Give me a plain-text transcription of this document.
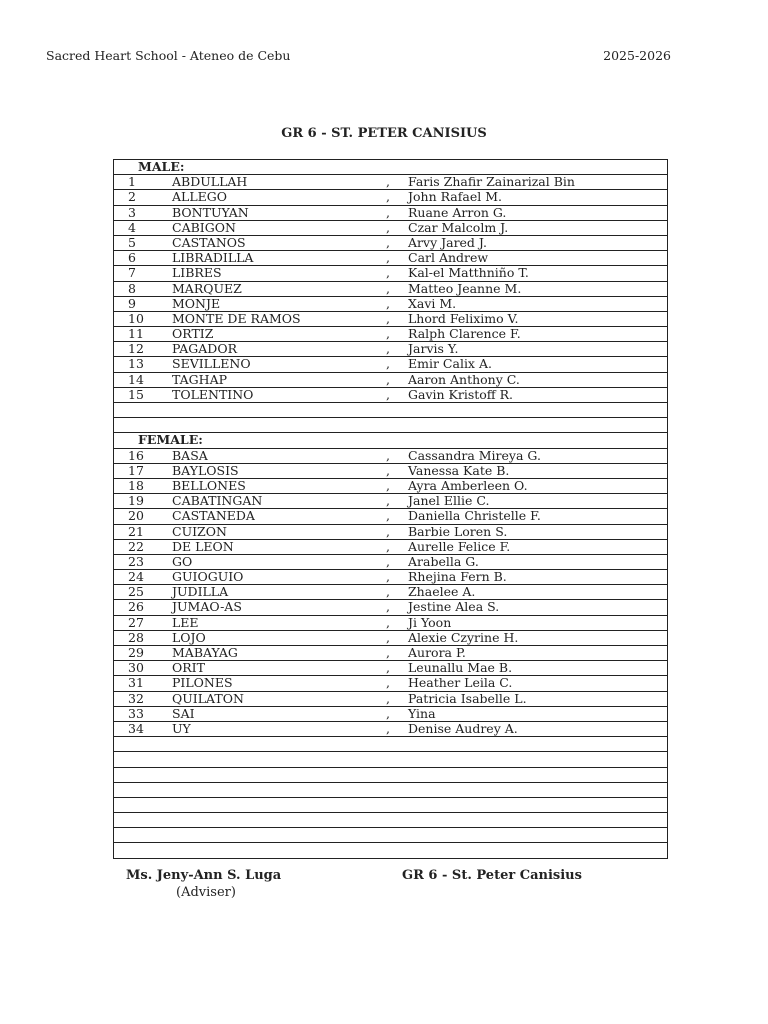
Sacred Heart School - Ateneo de Cebu	2025-2026
GR 6 - ST. PETER CANISIUS
MALE:
1	ABDULLAH	, Faris Zhafir Zainarizal Bin
2	ALLEGO	, John Rafael M.
3	BONTUYAN	, Ruane Arron G.
4	CABIGON	, Czar Malcolm J.
5	CASTANOS	, Arvy Jared J.
6	LIBRADILLA	, Carl Andrew
7	LIBRES	, Kal-el Matthniño T.
8	MARQUEZ	, Matteo Jeanne M.
9	MONJE	, Xavi M.
10 MONTE DE RAMOS	, Lhord Feliximo V.
11 ORTIZ	, Ralph Clarence F.
12 PAGADOR	, Jarvis Y.
13 SEVILLENO	, Emir Calix A.
14 TAGHAP	, Aaron Anthony C.
15 TOLENTINO	, Gavin Kristoff R.
FEMALE:
16 BASA	, Cassandra Mireya G.
17 BAYLOSIS	, Vanessa Kate B.
18 BELLONES	, Ayra Amberleen O.
19 CABATINGAN	, Janel Ellie C.
20 CASTANEDA	, Daniella Christelle F.
21 CUIZON	, Barbie Loren S.
22 DE LEON	, Aurelle Felice F.
23 GO	, Arabella G.
24 GUIOGUIO	, Rhejina Fern B.
25 JUDILLA	, Zhaelee A.
26 JUMAO-AS	, Jestine Alea S.
27 LEE	, Ji Yoon
28 LOJO	, Alexie Czyrine H.
29 MABAYAG	, Aurora P.
30 ORIT	, Leunallu Mae B.
31 PILONES	, Heather Leila C.
32 QUILATON	, Patricia Isabelle L.
33 SAI	, Yina
34 UY	, Denise Audrey A.
Ms. Jeny-Ann S. Luga
(Adviser)
GR 6 - St. Peter Canisius
